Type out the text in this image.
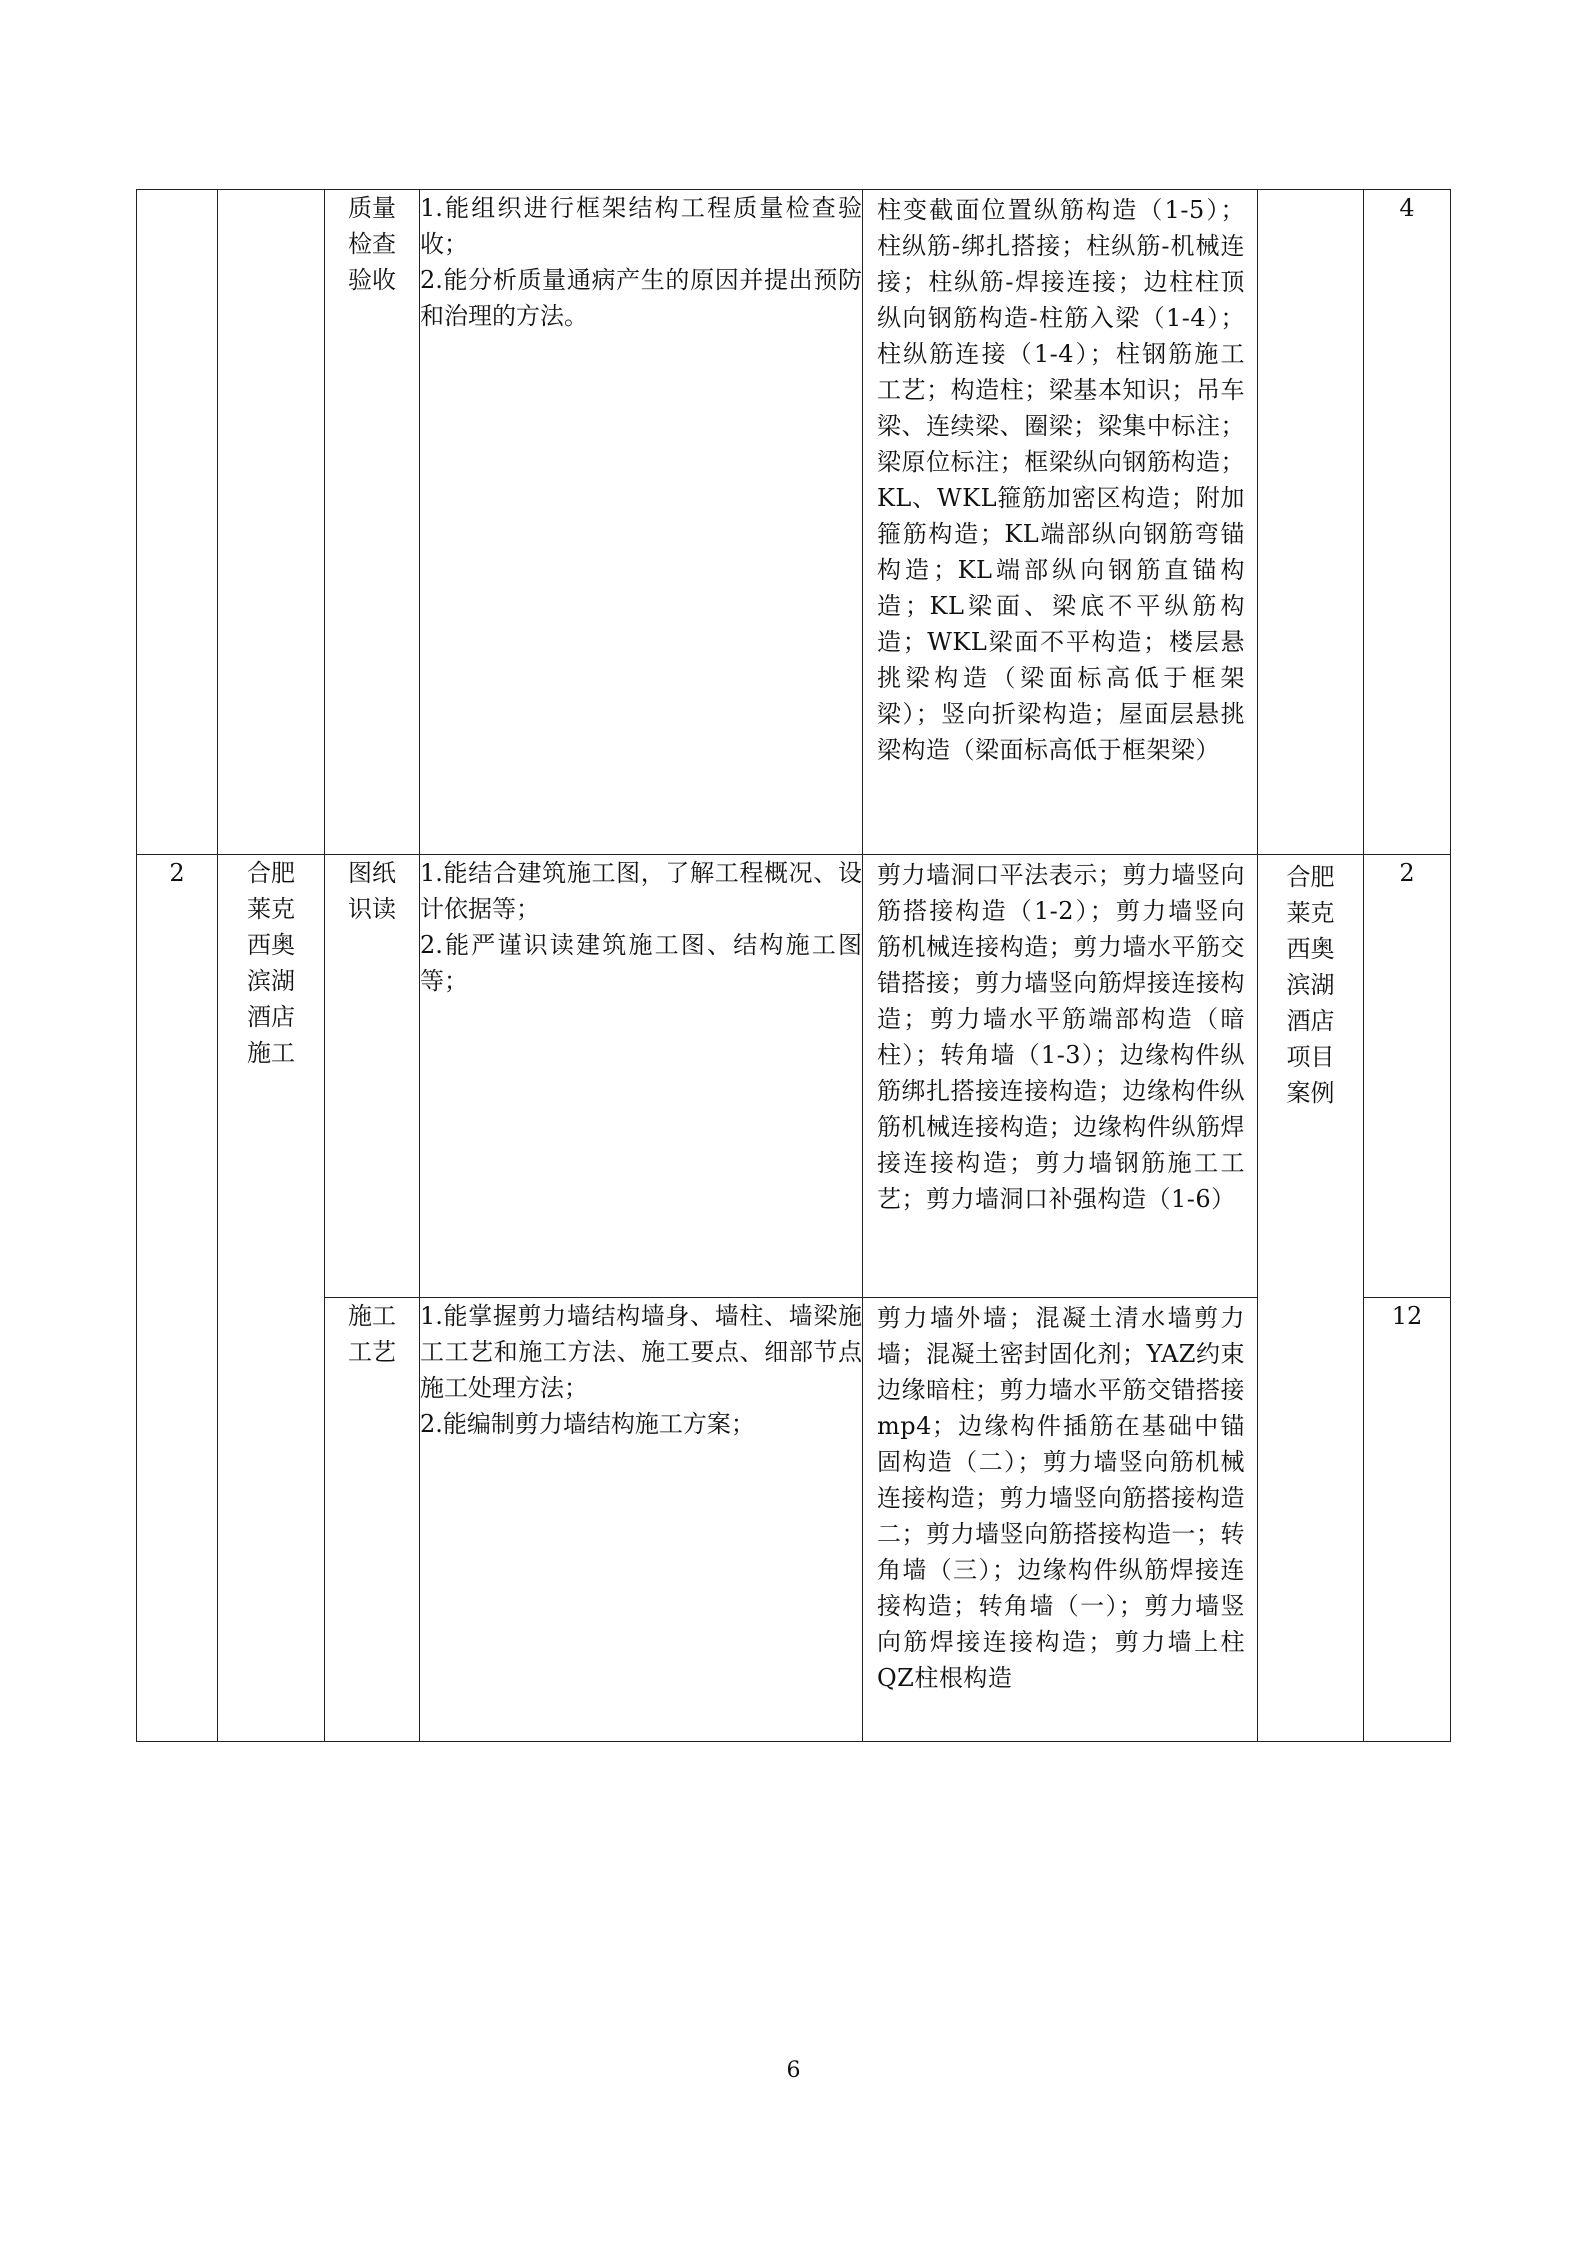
		质量检查验收	1.能组织进行框架结构工程质量检查验收；
2.能分析质量通病产生的原因并提出预防和治理的方法。	柱变截面位置纵筋构造（1-5）；柱纵筋-绑扎搭接；柱纵筋-机械连接；柱纵筋-焊接连接；边柱柱顶纵向钢筋构造-柱筋入梁（1-4）；柱纵筋连接（1-4）；柱钢筋施工工艺；构造柱；梁基本知识；吊车梁、连续梁、圈梁；梁集中标注；梁原位标注；框梁纵向钢筋构造；KL、WKL箍筋加密区构造；附加箍筋构造；KL端部纵向钢筋弯锚构造；KL端部纵向钢筋直锚构造；KL梁面、梁底不平纵筋构造；WKL梁面不平构造；楼层悬挑梁构造（梁面标高低于框架梁）；竖向折梁构造；屋面层悬挑梁构造（梁面标高低于框架梁）		4
2	合肥莱克西奥滨湖酒店施工	图纸识读	1.能结合建筑施工图，了解工程概况、设计依据等；
2.能严谨识读建筑施工图、结构施工图等；	剪力墙洞口平法表示；剪力墙竖向筋搭接构造（1-2）；剪力墙竖向筋机械连接构造；剪力墙水平筋交错搭接；剪力墙竖向筋焊接连接构造；剪力墙水平筋端部构造（暗柱）；转角墙（1-3）；边缘构件纵筋绑扎搭接连接构造；边缘构件纵筋机械连接构造；边缘构件纵筋焊接连接构造；剪力墙钢筋施工工艺；剪力墙洞口补强构造（1-6）	合肥莱克西奥滨湖酒店项目案例	2
		施工工艺	1.能掌握剪力墙结构墙身、墙柱、墙梁施工工艺和施工方法、施工要点、细部节点施工处理方法；
2.能编制剪力墙结构施工方案；	剪力墙外墙；混凝土清水墙剪力墙；混凝土密封固化剂；YAZ约束边缘暗柱；剪力墙水平筋交错搭接mp4；边缘构件插筋在基础中锚固构造（二）；剪力墙竖向筋机械连接构造；剪力墙竖向筋搭接构造二；剪力墙竖向筋搭接构造一；转角墙（三）；边缘构件纵筋焊接连接构造；转角墙（一）；剪力墙竖向筋焊接连接构造；剪力墙上柱QZ柱根构造		12
6
